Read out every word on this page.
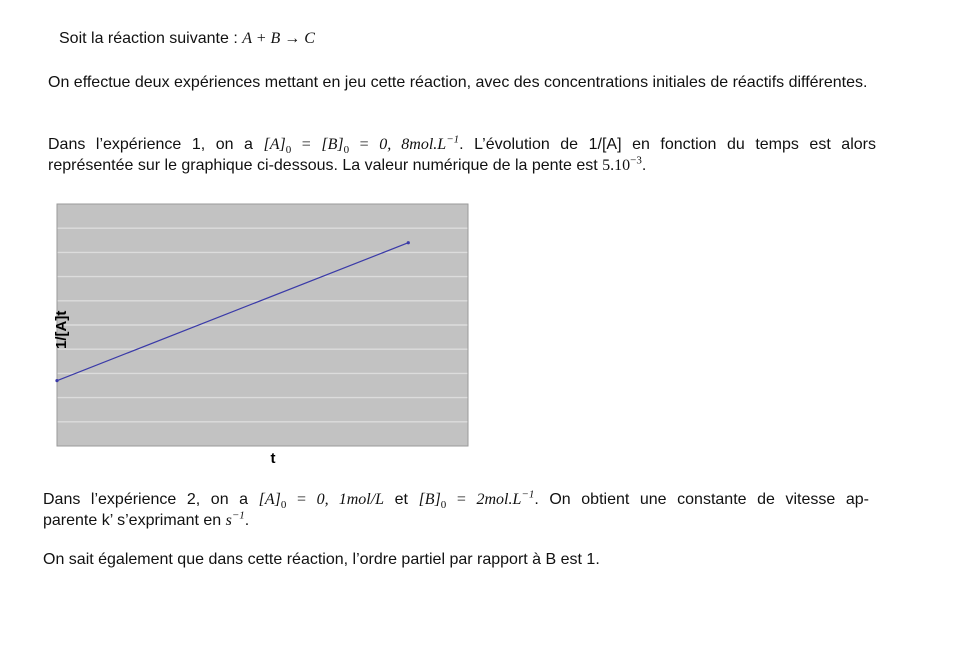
Soit la réaction suivante : A + B → C

On effectue deux expériences mettant en jeu cette réaction, avec des concentrations initiales de réactifs différentes.

Dans l’expérience 1, on a $[A]_0 = [B]_0 = 0$, $8mol.L^{-1}$. L’évolution de 1/[A] en fonction du temps est alors
représentée sur le graphique ci-dessous. La valeur numérique de la pente est $5.10^{-3}$.
1/[A]t
t
Dans l’expérience 2, on a $[A]_0 = 0$, 1mol/L et $[B]_0 = 2mol.L^{-1}$. On obtient une constante de vitesse ap-
parente k’ s’exprimant en $s^{-1}$.

On sait également que dans cette réaction, l’ordre partiel par rapport à B est 1.
